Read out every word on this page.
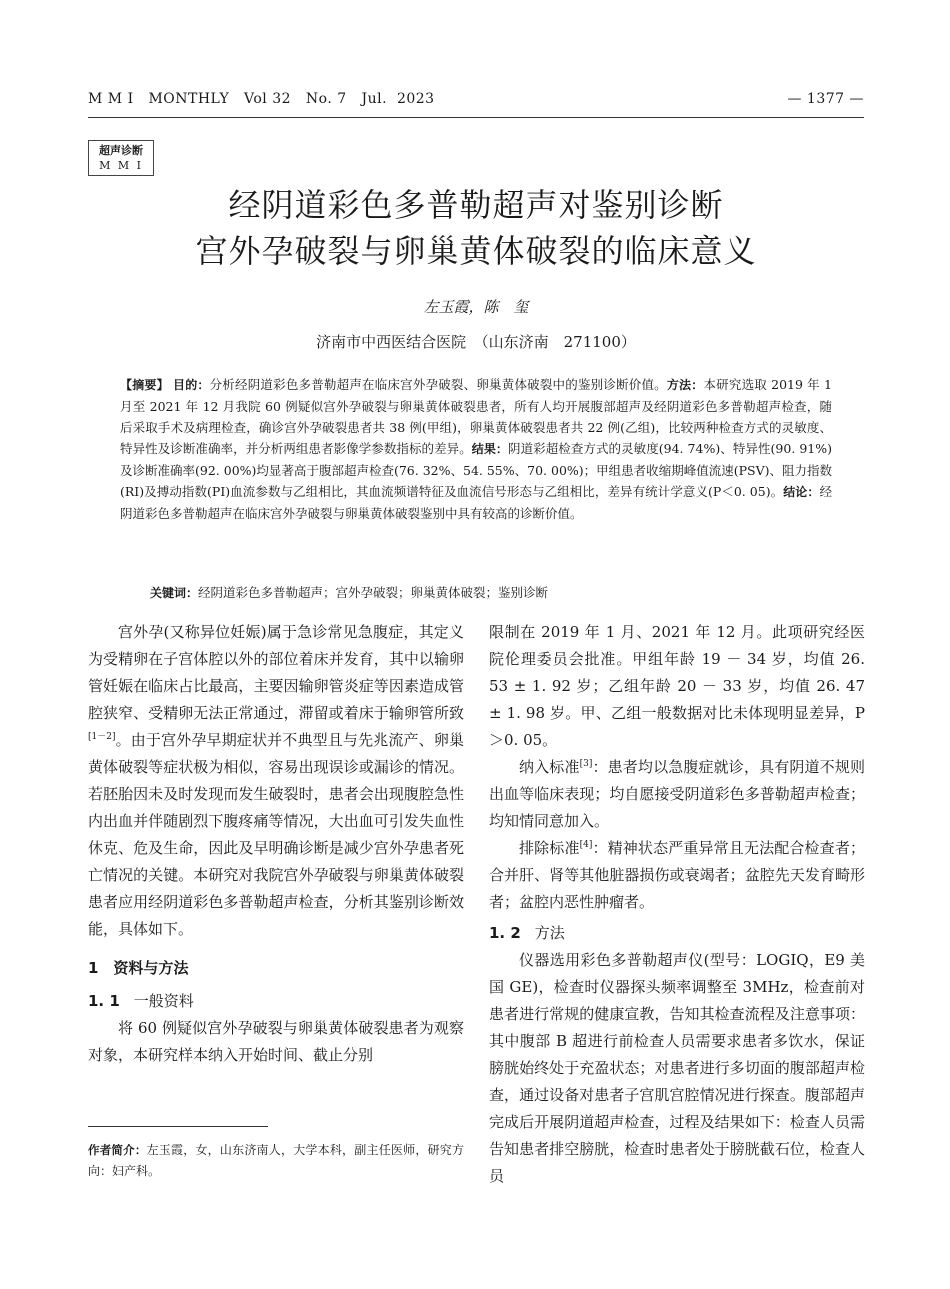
M M I   MONTHLY   Vol 32   No. 7   Jul.  2023	— 1377 —
超声诊断
M M I
经阴道彩色多普勒超声对鉴别诊断
宫外孕破裂与卵巢黄体破裂的临床意义
左玉霞，陈　玺
济南市中西医结合医院　（山东济南　271100）
【摘要】 目的：分析经阴道彩色多普勒超声在临床宫外孕破裂、卵巢黄体破裂中的鉴别诊断价值。方法：本研究选取 2019 年 1 月至 2021 年 12 月我院 60 例疑似宫外孕破裂与卵巢黄体破裂患者，所有人均开展腹部超声及经阴道彩色多普勒超声检查，随后采取手术及病理检查，确诊宫外孕破裂患者共 38 例(甲组)，卵巢黄体破裂患者共 22 例(乙组)，比较两种检查方式的灵敏度、特异性及诊断准确率，并分析两组患者影像学参数指标的差异。结果：阴道彩超检查方式的灵敏度(94. 74%)、特异性(90. 91%)及诊断准确率(92. 00%)均显著高于腹部超声检查(76. 32%、54. 55%、70. 00%)；甲组患者收缩期峰值流速(PSV)、阻力指数(RI)及搏动指数(PI)血流参数与乙组相比，其血流频谱特征及血流信号形态与乙组相比，差异有统计学意义(P＜0. 05)。结论：经阴道彩色多普勒超声在临床宫外孕破裂与卵巢黄体破裂鉴别中具有较高的诊断价值。
关键词：经阴道彩色多普勒超声；宫外孕破裂；卵巢黄体破裂；鉴别诊断

宫外孕(又称异位妊娠)属于急诊常见急腹症，其定义为受精卵在子宫体腔以外的部位着床并发育，其中以输卵管妊娠在临床占比最高，主要因输卵管炎症等因素造成管腔狭窄、受精卵无法正常通过，滞留或着床于输卵管所致[1－2]。由于宫外孕早期症状并不典型且与先兆流产、卵巢黄体破裂等症状极为相似，容易出现误诊或漏诊的情况。若胚胎因未及时发现而发生破裂时，患者会出现腹腔急性内出血并伴随剧烈下腹疼痛等情况，大出血可引发失血性休克、危及生命，因此及早明确诊断是减少宫外孕患者死亡情况的关键。本研究对我院宫外孕破裂与卵巢黄体破裂患者应用经阴道彩色多普勒超声检查，分析其鉴别诊断效能，具体如下。

1　资料与方法
1. 1 一般资料

将 60 例疑似宫外孕破裂与卵巢黄体破裂患者为观察对象，本研究样本纳入开始时间、截止分别

限制在 2019 年 1 月、2021 年 12 月。此项研究经医院伦理委员会批准。甲组年龄 19 － 34 岁，均值 26. 53 ± 1. 92 岁；乙组年龄 20 － 33 岁，均值 26. 47 ± 1. 98 岁。甲、乙组一般数据对比未体现明显差异，P＞0. 05。

纳入标准[3]：患者均以急腹症就诊，具有阴道不规则出血等临床表现；均自愿接受阴道彩色多普勒超声检查；均知情同意加入。

排除标准[4]：精神状态严重异常且无法配合检查者；合并肝、肾等其他脏器损伤或衰竭者；盆腔先天发育畸形者；盆腔内恶性肿瘤者。

1. 2 方法

仪器选用彩色多普勒超声仪(型号：LOGIQ，E9 美国 GE)，检查时仪器探头频率调整至 3MHz，检查前对患者进行常规的健康宣教，告知其检查流程及注意事项：其中腹部 B 超进行前检查人员需要求患者多饮水，保证膀胱始终处于充盈状态；对患者进行多切面的腹部超声检查，通过设备对患者子宫肌宫腔情况进行探查。腹部超声完成后开展阴道超声检查，过程及结果如下：检查人员需告知患者排空膀胱，检查时患者处于膀胱截石位，检查人员

作者简介：左玉霞，女，山东济南人，大学本科，副主任医师，研究方向：妇产科。
